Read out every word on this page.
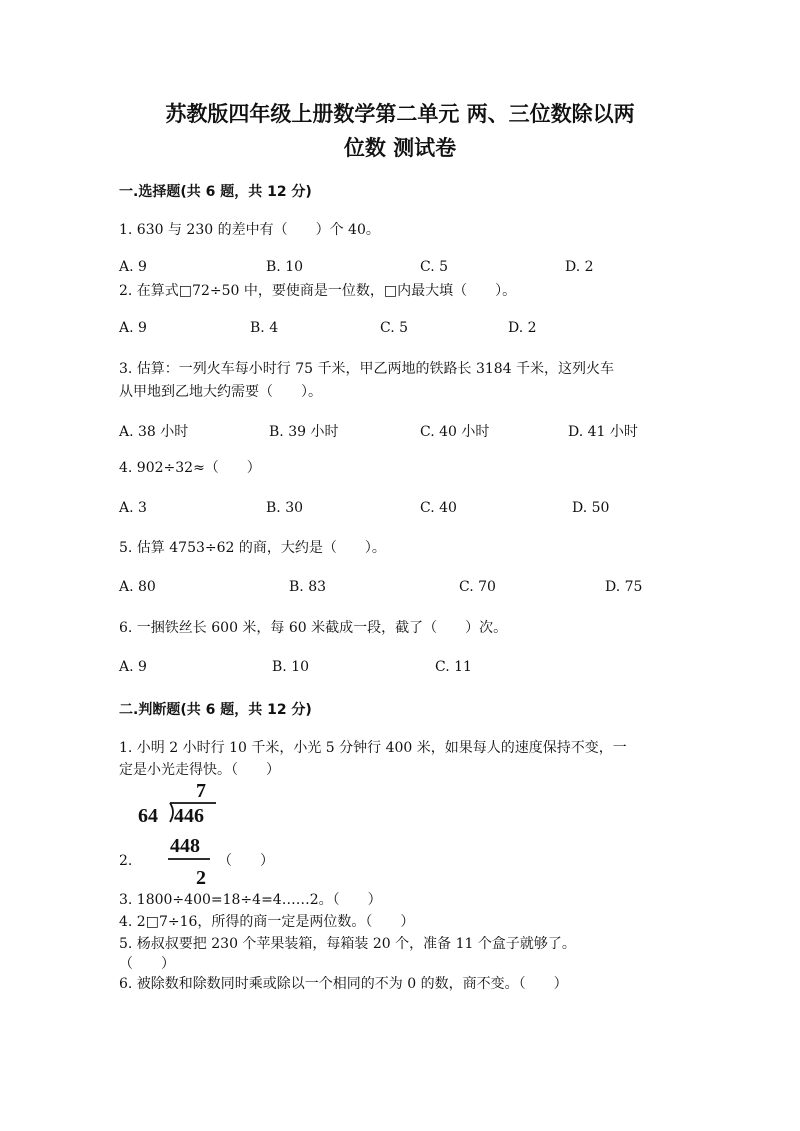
苏教版四年级上册数学第二单元 两、三位数除以两
位数 测试卷
一.选择题(共 6 题，共 12 分)
1. 630 与 230 的差中有（　　）个 40。
A. 9	B. 10	C. 5	D. 2
2. 在算式□72÷50 中，要使商是一位数，□内最大填（　　）。
A. 9	B. 4	C. 5	D. 2
3. 估算：一列火车每小时行 75 千米，甲乙两地的铁路长 3184 千米，这列火车
从甲地到乙地大约需要（　　）。
A. 38 小时	B. 39 小时	C. 40 小时	D. 41 小时
4. 902÷32≈（　　）
A. 3	B. 30	C. 40	D. 50
5. 估算 4753÷62 的商，大约是（　　）。
A. 80	B. 83	C. 70	D. 75
6. 一捆铁丝长 600 米，每 60 米截成一段，截了（　　）次。
A. 9	B. 10	C. 11
二.判断题(共 6 题，共 12 分)
1. 小明 2 小时行 10 千米，小光 5 分钟行 400 米，如果每人的速度保持不变，一
定是小光走得快。（　　）
7
64 446
448
2
2.	（　　）
3. 1800÷400=18÷4=4……2。（　　）
4. 2□7÷16，所得的商一定是两位数。（　　）
5. 杨叔叔要把 230 个苹果装箱，每箱装 20 个，准备 11 个盒子就够了。
（　　）
6. 被除数和除数同时乘或除以一个相同的不为 0 的数，商不变。（　　）
